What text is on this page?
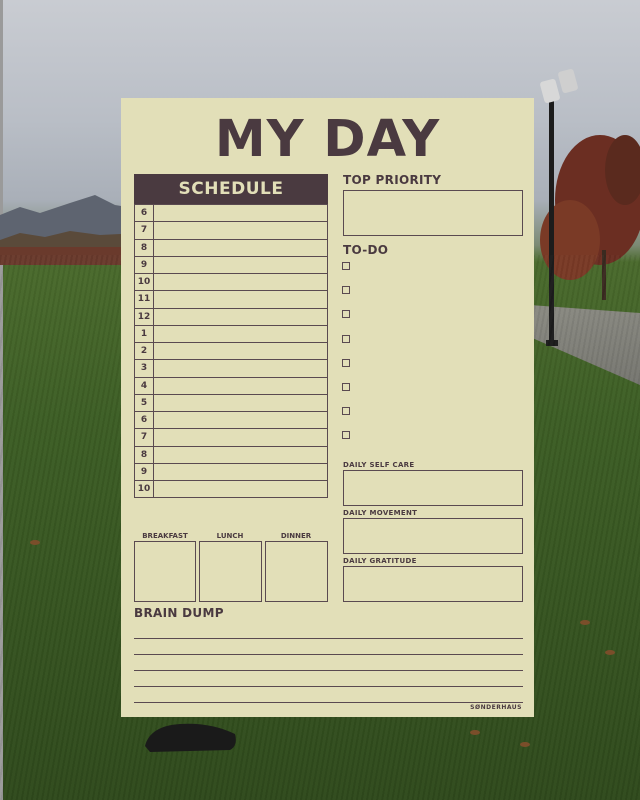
MY DAY
SCHEDULE
6
7
8
9
10
11
12
1
2
3
4
5
6
7
8
9
10
TOP PRIORITY
TO-DO
DAILY SELF CARE
DAILY MOVEMENT
DAILY GRATITUDE
BREAKFAST	LUNCH	DINNER
BRAIN DUMP
SØNDERHAUS
